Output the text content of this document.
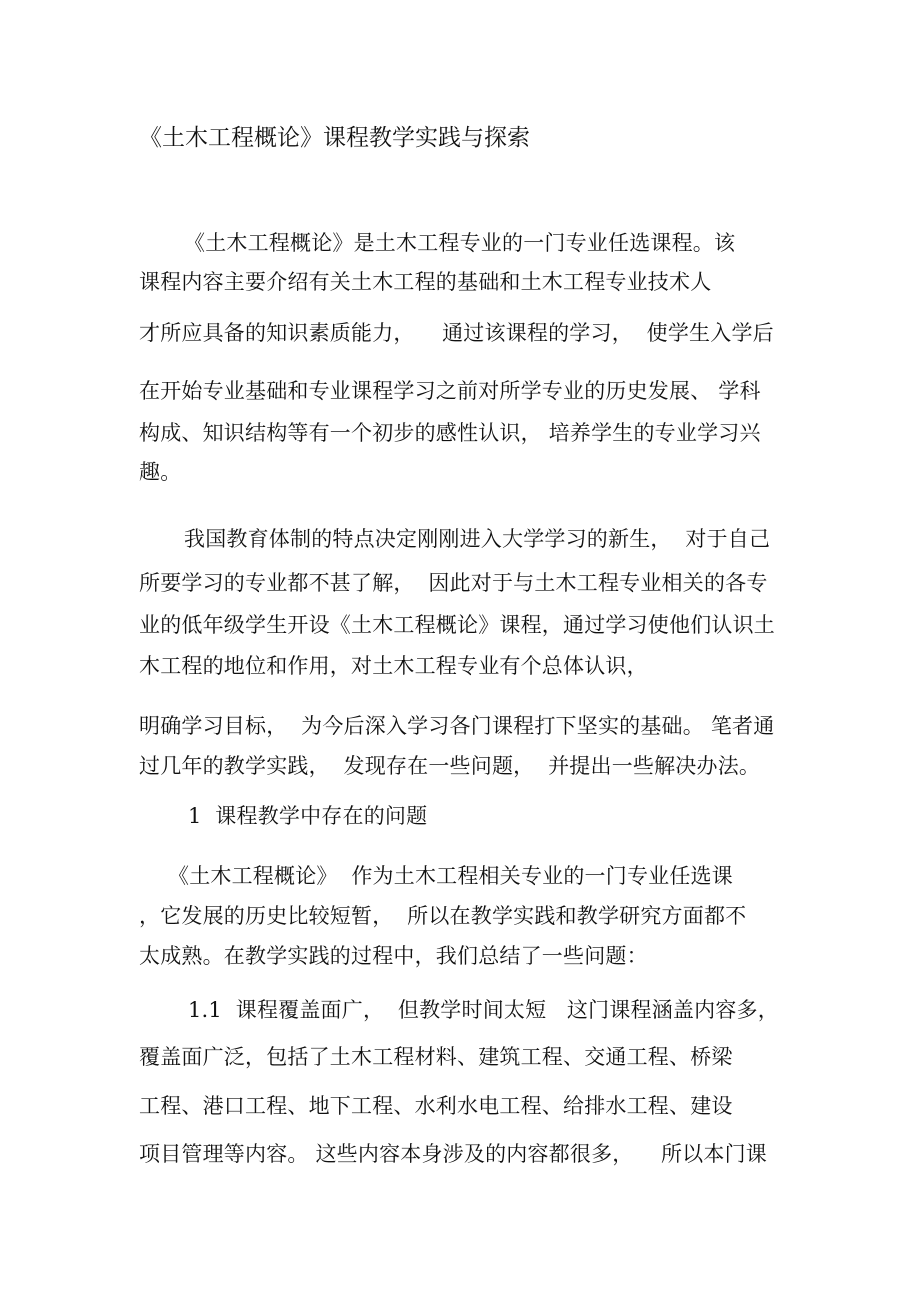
《土木工程概论》课程教学实践与探索

《土木工程概论》是土木工程专业的一门专业任选课程。该

课程内容主要介绍有关土木工程的基础和土木工程专业技术人

才所应具备的知识素质能力，    通过该课程的学习，  使学生入学后

在开始专业基础和专业课程学习之前对所学专业的历史发展、 学科

构成、知识结构等有一个初步的感性认识， 培养学生的专业学习兴

趣。

我国教育体制的特点决定刚刚进入大学学习的新生，  对于自己

所要学习的专业都不甚了解，  因此对于与土木工程专业相关的各专

业的低年级学生开设《土木工程概论》课程，通过学习使他们认识土

木工程的地位和作用，对土木工程专业有个总体认识，

明确学习目标，  为今后深入学习各门课程打下坚实的基础。 笔者通

过几年的教学实践，  发现存在一些问题，  并提出一些解决办法。

1  课程教学中存在的问题

《土木工程概论》  作为土木工程相关专业的一门专业任选课

，它发展的历史比较短暂，  所以在教学实践和教学研究方面都不

太成熟。在教学实践的过程中，我们总结了一些问题：

1.1  课程覆盖面广，  但教学时间太短   这门课程涵盖内容多，

覆盖面广泛，包括了土木工程材料、建筑工程、交通工程、桥梁

工程、港口工程、地下工程、水利水电工程、给排水工程、建设

项目管理等内容。 这些内容本身涉及的内容都很多，    所以本门课
